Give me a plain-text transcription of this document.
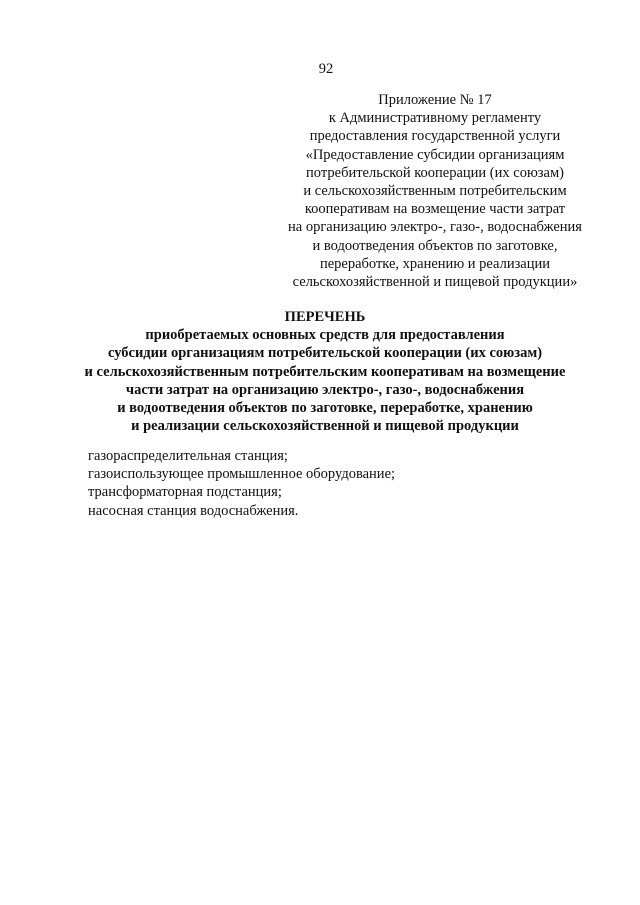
92
Приложение № 17
к Административному регламенту
предоставления государственной услуги
«Предоставление субсидии организациям
потребительской кооперации (их союзам)
и сельскохозяйственным потребительским
кооперативам на возмещение части затрат
на организацию электро-, газо-, водоснабжения
и водоотведения объектов по заготовке,
переработке, хранению и реализации
сельскохозяйственной и пищевой продукции»
ПЕРЕЧЕНЬ
приобретаемых основных средств для предоставления
субсидии организациям потребительской кооперации (их союзам)
и сельскохозяйственным потребительским кооперативам на возмещение
части затрат на организацию электро-, газо-, водоснабжения
и водоотведения объектов по заготовке, переработке, хранению
и реализации сельскохозяйственной и пищевой продукции
газораспределительная станция;
газоиспользующее промышленное оборудование;
трансформаторная подстанция;
насосная станция водоснабжения.
